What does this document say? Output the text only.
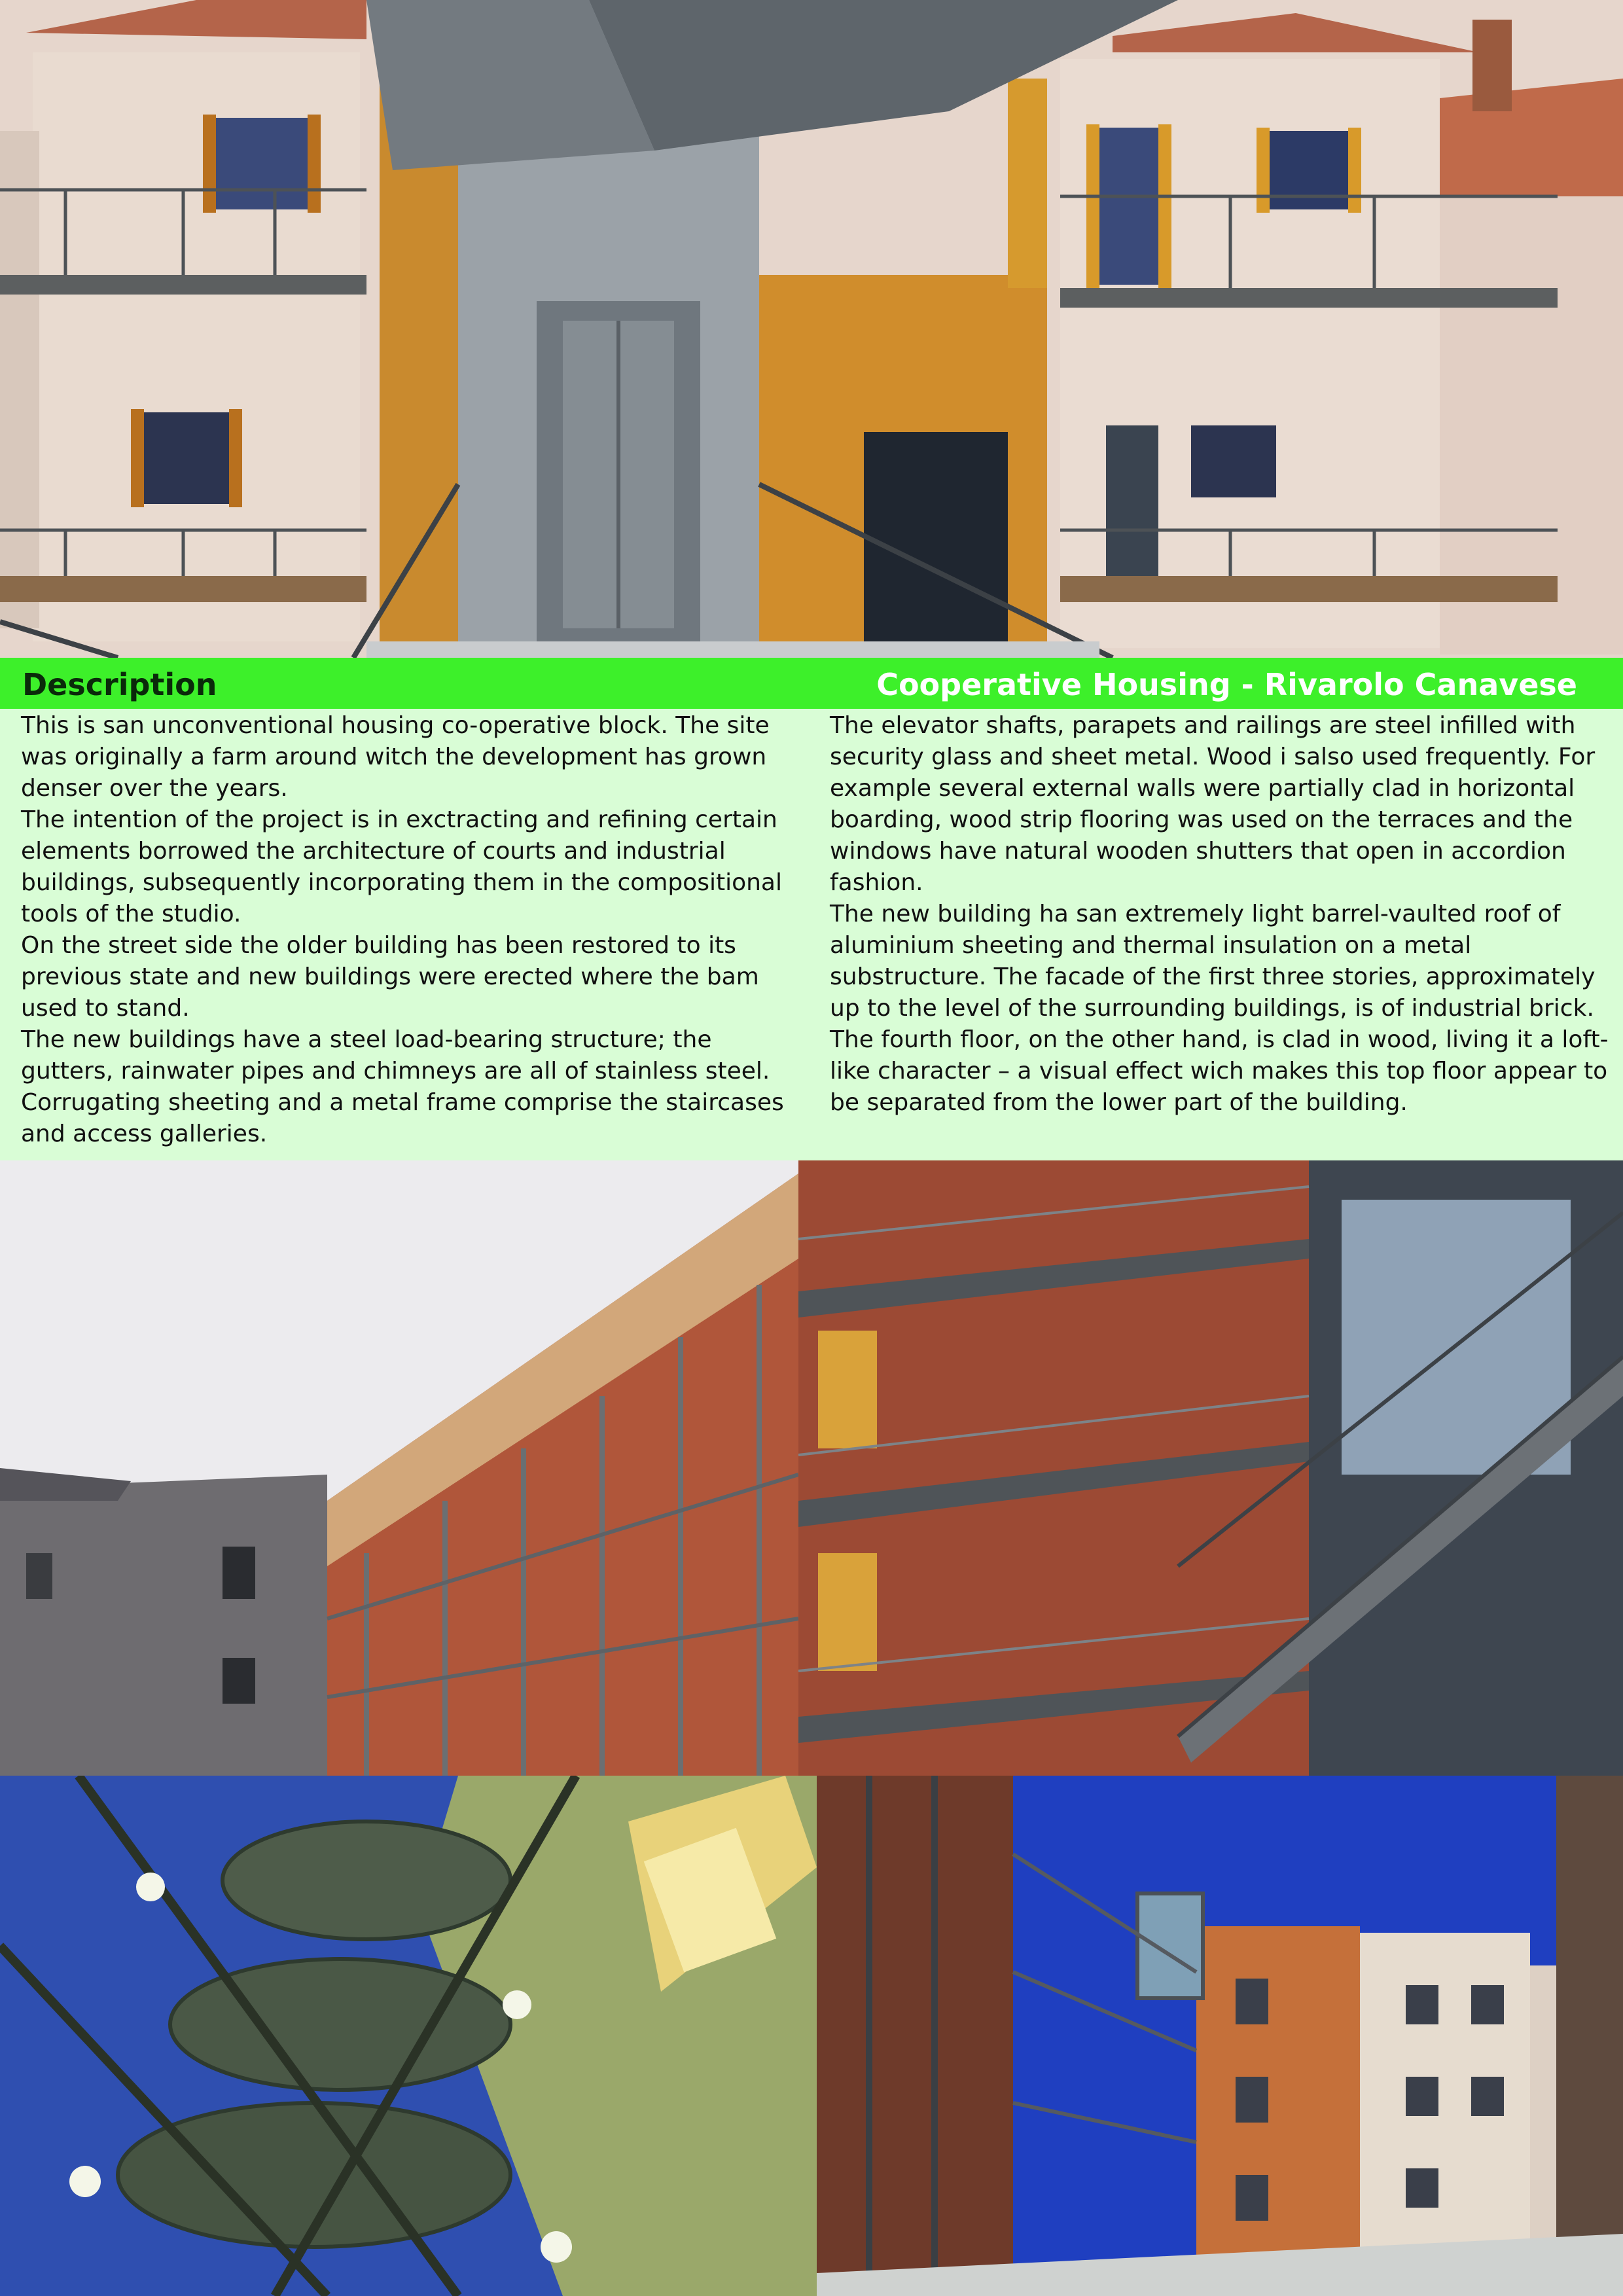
Description	Cooperative Housing - Rivarolo Canavese

This is san unconventional housing co-operative block. The site was originally a farm around witch the development has grown denser over the years.

The intention of the project is in exctracting and refining certain elements borrowed the architecture of courts and industrial buildings, subsequently incorporating them in the compositional tools of the studio.

On the street side the older building has been restored to its previous state and new buildings were erected where the bam used to stand.

The new buildings have a steel load-bearing structure; the gutters, rainwater pipes and chimneys are all of stainless steel. Corrugating sheeting and a metal frame comprise the staircases and access galleries.

The elevator shafts, parapets and railings are steel infilled with security glass and sheet metal. Wood i salso used frequently. For example several external walls were partially clad in horizontal boarding, wood strip flooring was used on the terraces and the windows have natural wooden shutters that open in accordion fashion.

The new building ha san extremely light barrel-vaulted roof of aluminium sheeting and thermal insulation on a metal substructure. The facade of the first three stories, approximately up to the level of the surrounding buildings, is of industrial brick. The fourth floor, on the other hand, is clad in wood, living it a loft-like character – a visual effect wich makes this top floor appear to be separated from the lower part of the building.
